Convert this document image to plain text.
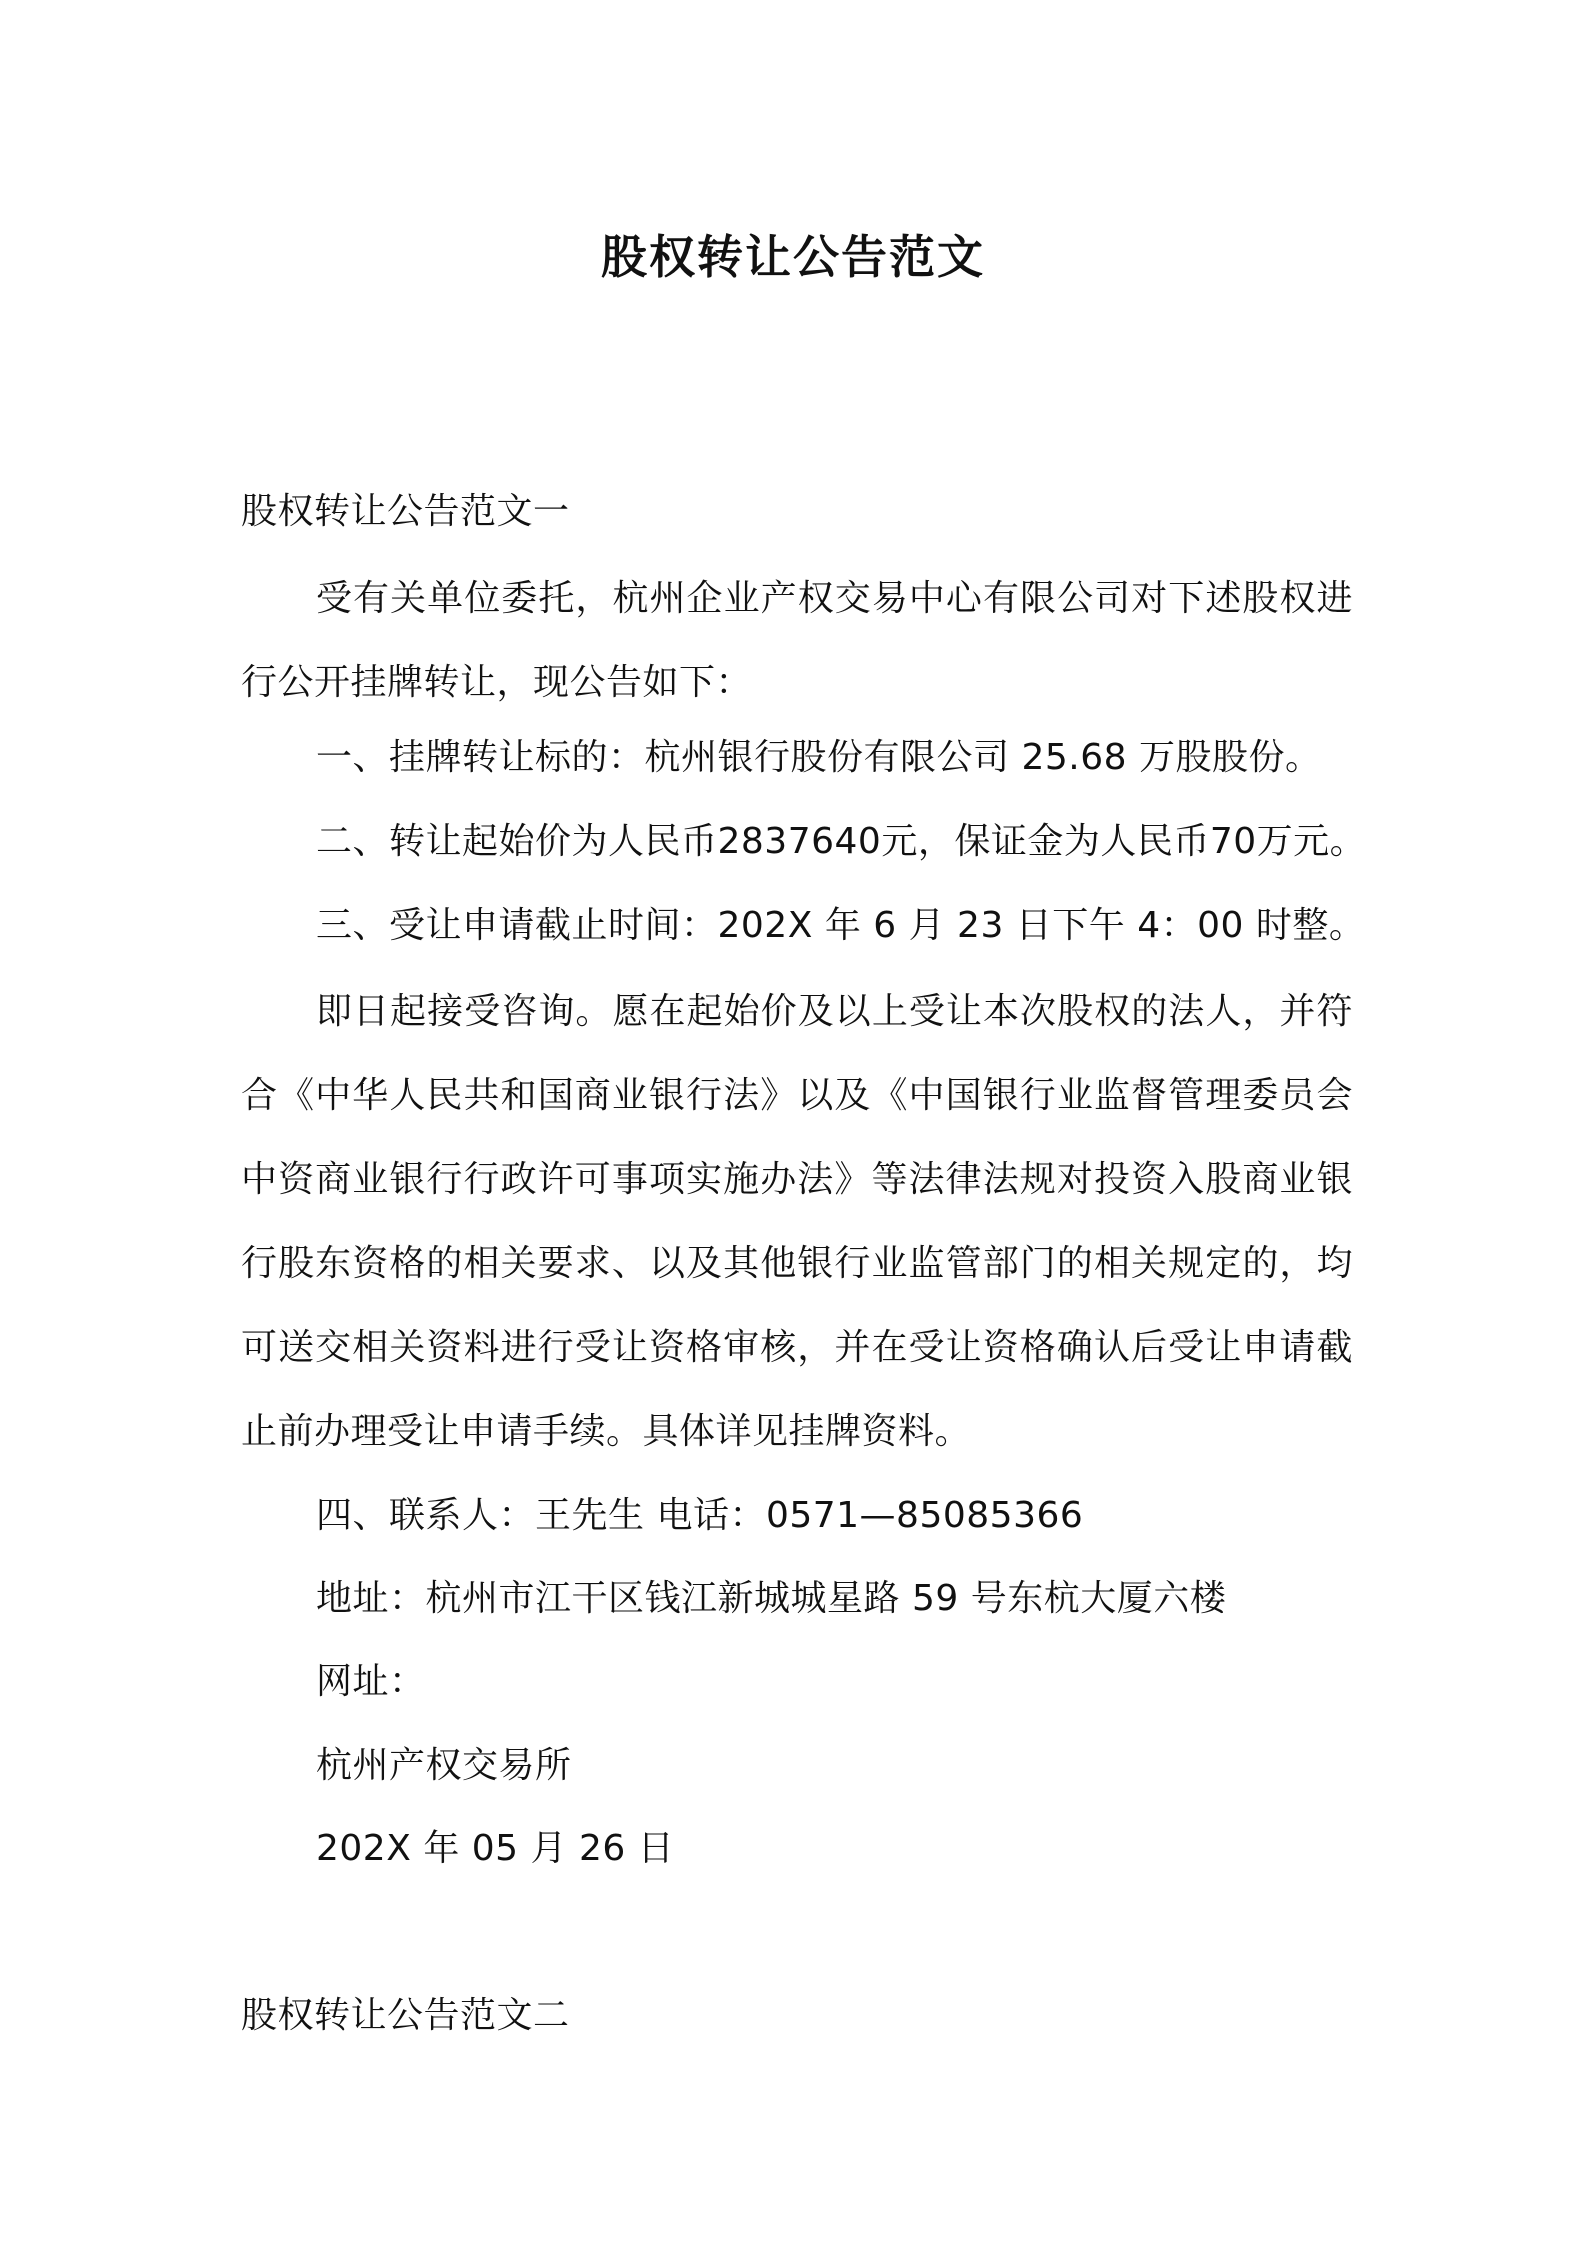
股权转让公告范文

股权转让公告范文一

受有关单位委托，杭州企业产权交易中心有限公司对下述股权进行公开挂牌转让，现公告如下：

一、挂牌转让标的：杭州银行股份有限公司 25.68 万股股份。

二、转让起始价为人民币2837640元，保证金为人民币70万元。

三、受让申请截止时间：202X 年 6 月 23 日下午 4：00 时整。

即日起接受咨询。愿在起始价及以上受让本次股权的法人，并符合《中华人民共和国商业银行法》以及《中国银行业监督管理委员会中资商业银行行政许可事项实施办法》等法律法规对投资入股商业银行股东资格的相关要求、以及其他银行业监管部门的相关规定的，均可送交相关资料进行受让资格审核，并在受让资格确认后受让申请截止前办理受让申请手续。具体详见挂牌资料。

四、联系人：王先生 电话：0571—85085366

地址：杭州市江干区钱江新城城星路 59 号东杭大厦六楼

网址：

杭州产权交易所

202X 年 05 月 26 日

股权转让公告范文二
